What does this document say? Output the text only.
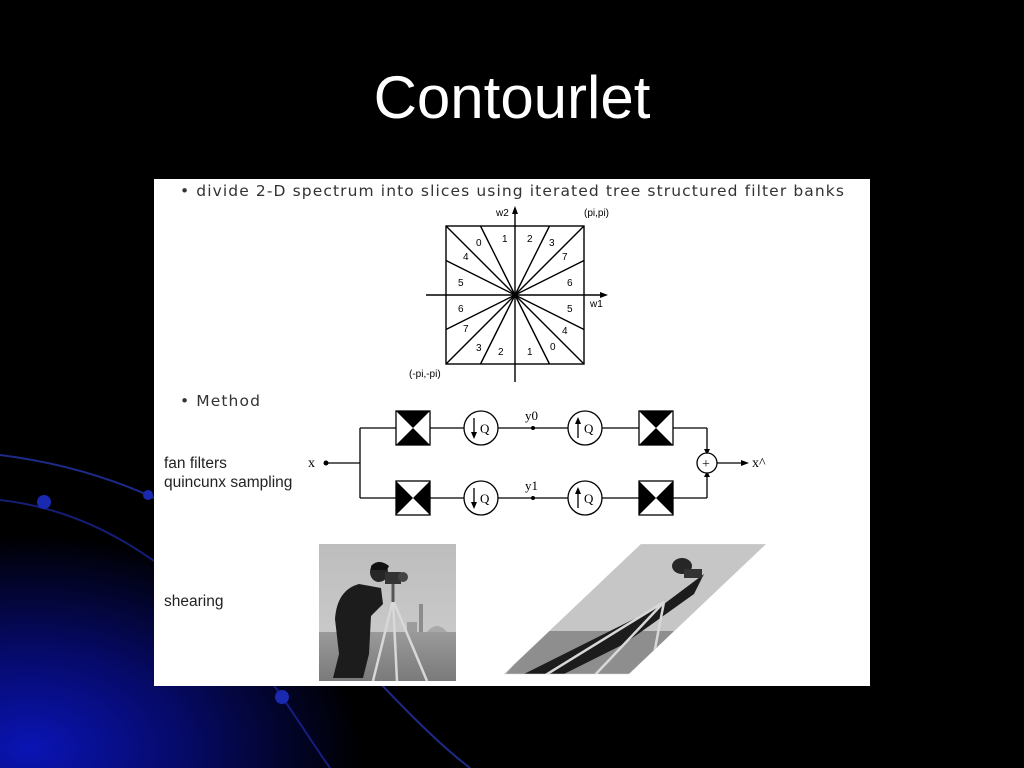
Contourlet
• divide 2-D spectrum into slices using iterated tree structured filter banks
w2
w1
(pi,pi)
(-pi,-pi)
0 1 2 3
7
6
5
4
3 2 1 0
4
5
6
7
• Method
fan filters
quincunx sampling
Q
Q
Q
Q
+
x	x^
y0
y1
shearing
